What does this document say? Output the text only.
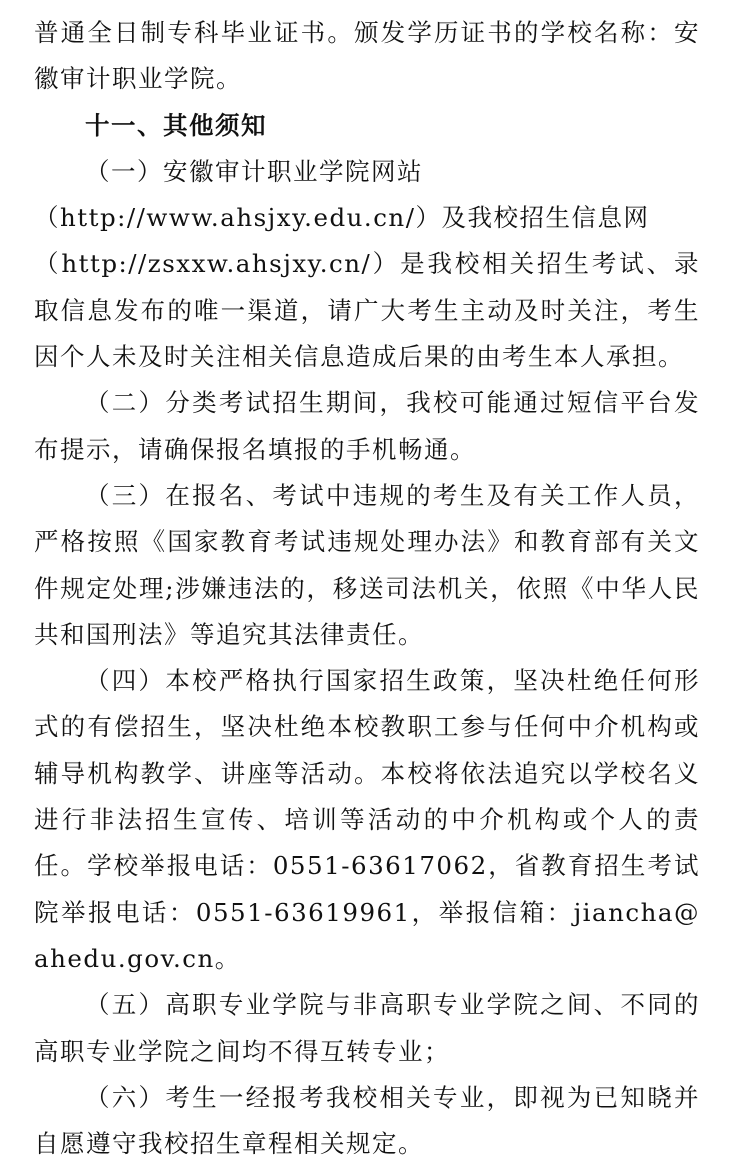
普通全日制专科毕业证书。颁发学历证书的学校名称：安徽审计职业学院。

十一、其他须知

（一）安徽审计职业学院网站
（http://www.ahsjxy.edu.cn/）及我校招生信息网
（http://zsxxw.ahsjxy.cn/）是我校相关招生考试、录取信息发布的唯一渠道，请广大考生主动及时关注，考生因个人未及时关注相关信息造成后果的由考生本人承担。

（二）分类考试招生期间，我校可能通过短信平台发布提示，请确保报名填报的手机畅通。

（三）在报名、考试中违规的考生及有关工作人员，严格按照《国家教育考试违规处理办法》和教育部有关文件规定处理;涉嫌违法的，移送司法机关，依照《中华人民共和国刑法》等追究其法律责任。

（四）本校严格执行国家招生政策，坚决杜绝任何形式的有偿招生，坚决杜绝本校教职工参与任何中介机构或辅导机构教学、讲座等活动。本校将依法追究以学校名义进行非法招生宣传、培训等活动的中介机构或个人的责任。学校举报电话：0551-63617062，省教育招生考试院举报电话：0551-63619961，举报信箱：jiancha@ahedu.gov.cn。

（五）高职专业学院与非高职专业学院之间、不同的高职专业学院之间均不得互转专业；

（六）考生一经报考我校相关专业，即视为已知晓并自愿遵守我校招生章程相关规定。
